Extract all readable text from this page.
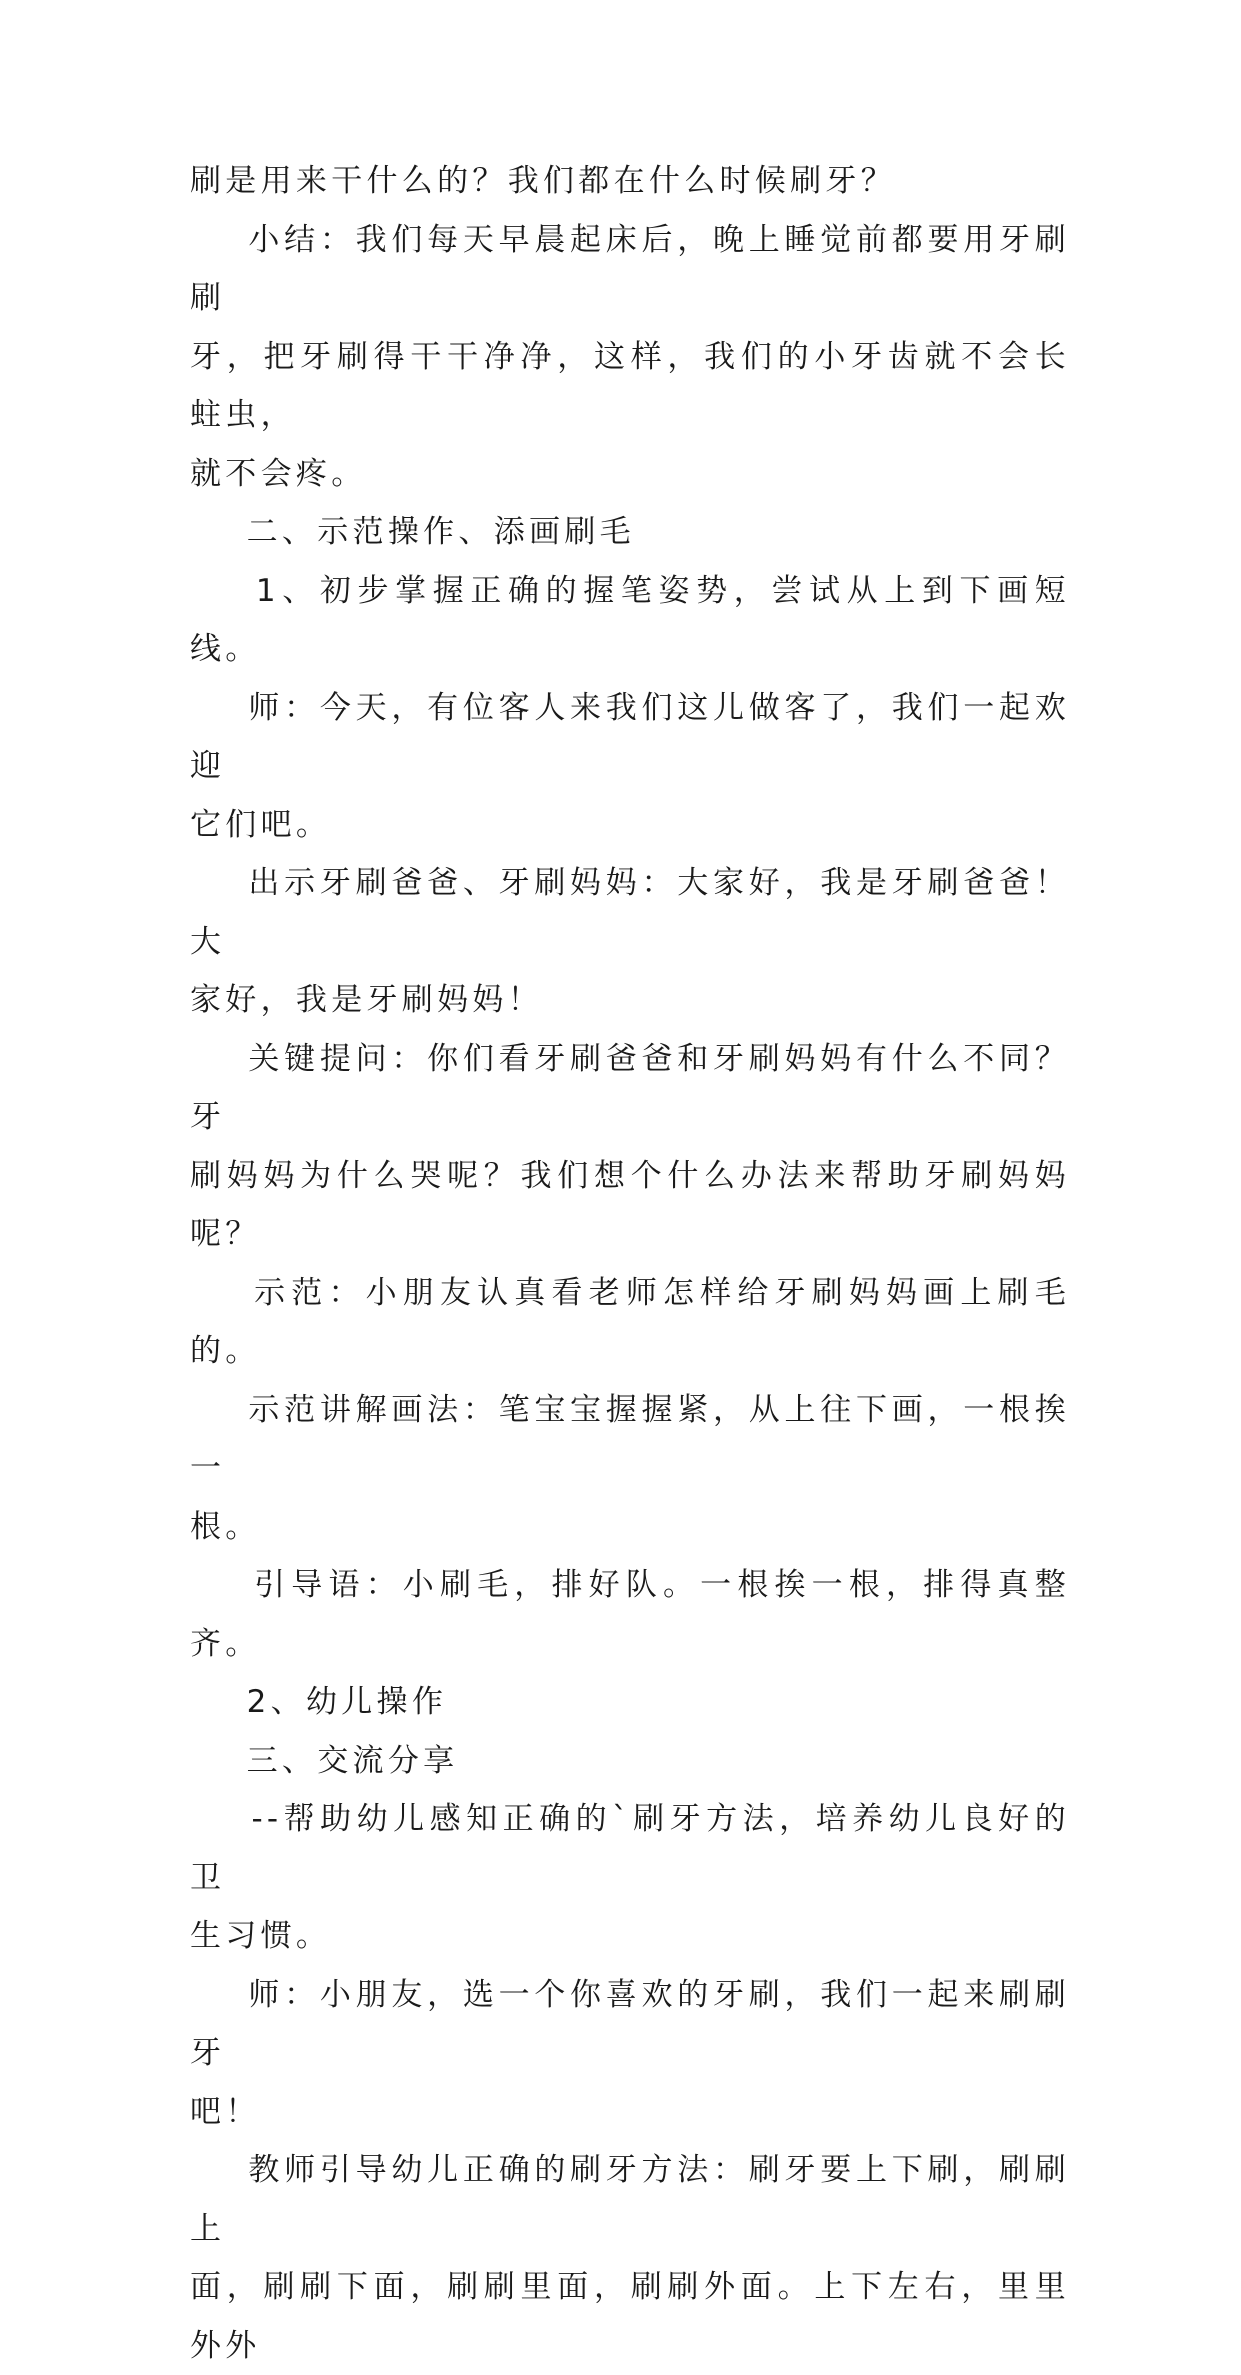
刷是用来干什么的？我们都在什么时候刷牙？

小结：我们每天早晨起床后，晚上睡觉前都要用牙刷刷

牙，把牙刷得干干净净，这样，我们的小牙齿就不会长蛀虫，

就不会疼。

二、示范操作、添画刷毛

1、初步掌握正确的握笔姿势，尝试从上到下画短线。

师：今天，有位客人来我们这儿做客了，我们一起欢迎

它们吧。

出示牙刷爸爸、牙刷妈妈：大家好，我是牙刷爸爸！大

家好，我是牙刷妈妈！

关键提问：你们看牙刷爸爸和牙刷妈妈有什么不同？牙

刷妈妈为什么哭呢？我们想个什么办法来帮助牙刷妈妈呢？

示范：小朋友认真看老师怎样给牙刷妈妈画上刷毛的。

示范讲解画法：笔宝宝握握紧，从上往下画，一根挨一

根。

引导语：小刷毛，排好队。一根挨一根，排得真整齐。

2、幼儿操作

三、交流分享

--帮助幼儿感知正确的`刷牙方法，培养幼儿良好的卫

生习惯。

师：小朋友，选一个你喜欢的牙刷，我们一起来刷刷牙

吧！

教师引导幼儿正确的刷牙方法：刷牙要上下刷，刷刷上

面，刷刷下面，刷刷里面，刷刷外面。上下左右，里里外外
